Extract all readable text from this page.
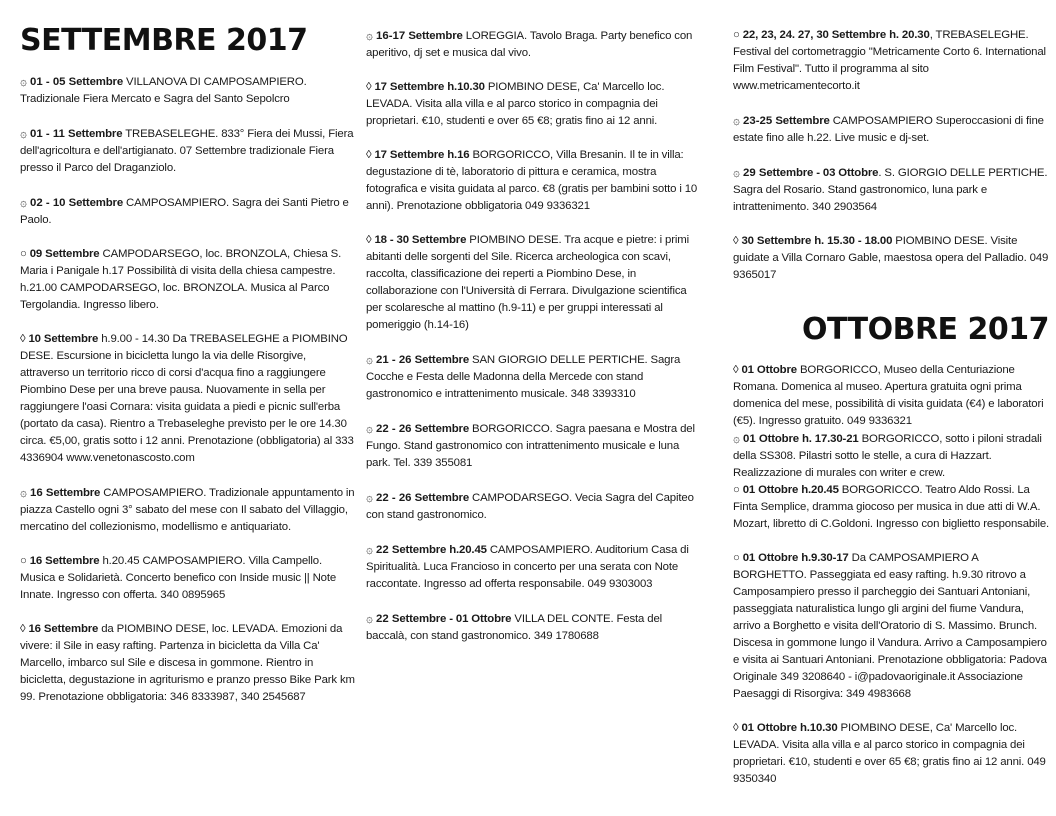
SETTEMBRE 2017
۞ 01 - 05 Settembre VILLANOVA DI CAMPOSAMPIERO. Tradizionale Fiera Mercato e Sagra del Santo Sepolcro
۞ 01 - 11 Settembre TREBASELEGHE. 833° Fiera dei Mussi, Fiera dell'agricoltura e dell'artigianato. 07 Settembre tradizionale Fiera presso il Parco del Draganziolo.
۞ 02 - 10 Settembre CAMPOSAMPIERO. Sagra dei Santi Pietro e Paolo.
○ 09 Settembre CAMPODARSEGO, loc. BRONZOLA, Chiesa S. Maria i Panigale h.17 Possibilità di visita della chiesa campestre. h.21.00 CAMPODARSEGO, loc. BRONZOLA. Musica al Parco Tergolandia. Ingresso libero.
◊ 10 Settembre h.9.00 - 14.30 Da TREBASELEGHE a PIOMBINO DESE. Escursione in bicicletta lungo la via delle Risorgive, attraverso un territorio ricco di corsi d'acqua fino a raggiungere Piombino Dese per una breve pausa. Nuovamente in sella per raggiungere l'oasi Cornara: visita guidata a piedi e picnic sull'erba (portato da casa). Rientro a Trebaseleghe previsto per le ore 14.30 circa. €5,00, gratis sotto i 12 anni. Prenotazione (obbligatoria) al 333 4336904 www.venetonascosto.com
۞ 16 Settembre CAMPOSAMPIERO. Tradizionale appuntamento in piazza Castello ogni 3° sabato del mese con Il sabato del Villaggio, mercatino del collezionismo, modellismo e antiquariato.
○ 16 Settembre h.20.45 CAMPOSAMPIERO. Villa Campello. Musica e Solidarietà. Concerto benefico con Inside music || Note Innate. Ingresso con offerta. 340 0895965
◊ 16 Settembre da PIOMBINO DESE, loc. LEVADA. Emozioni da vivere: il Sile in easy rafting. Partenza in bicicletta da Villa Ca' Marcello, imbarco sul Sile e discesa in gommone. Rientro in bicicletta, degustazione in agriturismo e pranzo presso Bike Park km 99. Prenotazione obbligatoria: 346 8333987, 340 2545687
۞ 16-17 Settembre LOREGGIA. Tavolo Braga. Party benefico con aperitivo, dj set e musica dal vivo.
◊ 17 Settembre h.10.30 PIOMBINO DESE, Ca' Marcello loc. LEVADA. Visita alla villa e al parco storico in compagnia dei proprietari. €10, studenti e over 65 €8; gratis fino ai 12 anni.
◊ 17 Settembre h.16 BORGORICCO, Villa Bresanin. Il te in villa: degustazione di tè, laboratorio di pittura e ceramica, mostra fotografica e visita guidata al parco. €8 (gratis per bambini sotto i 10 anni). Prenotazione obbligatoria 049 9336321
◊ 18 - 30 Settembre PIOMBINO DESE. Tra acque e pietre: i primi abitanti delle sorgenti del Sile. Ricerca archeologica con scavi, raccolta, classificazione dei reperti a Piombino Dese, in collaborazione con l'Università di Ferrara. Divulgazione scientifica per scolaresche al mattino (h.9-11) e per gruppi interessati al pomeriggio (h.14-16)
۞ 21 - 26 Settembre SAN GIORGIO DELLE PERTICHE. Sagra Cocche e Festa delle Madonna della Mercede con stand gastronomico e intrattenimento musicale. 348 3393310
۞ 22 - 26 Settembre BORGORICCO. Sagra paesana e Mostra del Fungo. Stand gastronomico con intrattenimento musicale e luna park. Tel. 339 355081
۞ 22 - 26 Settembre CAMPODARSEGO. Vecia Sagra del Capiteo con stand gastronomico.
۞ 22 Settembre h.20.45 CAMPOSAMPIERO. Auditorium Casa di Spiritualità. Luca Francioso in concerto per una serata con Note raccontate. Ingresso ad offerta responsabile. 049 9303003
۞ 22 Settembre - 01 Ottobre VILLA DEL CONTE. Festa del baccalà, con stand gastronomico. 349 1780688
○ 22, 23, 24. 27, 30 Settembre h. 20.30, TREBASELEGHE. Festival del cortometraggio "Metricamente Corto 6. International Film Festival". Tutto il programma al sito www.metricamentecorto.it
۞ 23-25 Settembre CAMPOSAMPIERO Superoccasioni di fine estate fino alle h.22. Live music e dj-set.
۞ 29 Settembre - 03 Ottobre. S. GIORGIO DELLE PERTICHE. Sagra del Rosario. Stand gastronomico, luna park e intrattenimento. 340 2903564
◊ 30 Settembre h. 15.30 - 18.00 PIOMBINO DESE. Visite guidate a Villa Cornaro Gable, maestosa opera del Palladio. 049 9365017
OTTOBRE 2017
◊ 01 Ottobre BORGORICCO, Museo della Centuriazione Romana. Domenica al museo. Apertura gratuita ogni prima domenica del mese, possibilità di visita guidata (€4) e laboratori (€5). Ingresso gratuito. 049 9336321
۞ 01 Ottobre h. 17.30-21 BORGORICCO, sotto i piloni stradali della SS308. Pilastri sotto le stelle, a cura di Hazzart. Realizzazione di murales con writer e crew.
○ 01 Ottobre h.20.45 BORGORICCO. Teatro Aldo Rossi. La Finta Semplice, dramma giocoso per musica in due atti di W.A. Mozart, libretto di C.Goldoni. Ingresso con biglietto responsabile.
○ 01 Ottobre h.9.30-17 Da CAMPOSAMPIERO A BORGHETTO. Passeggiata ed easy rafting. h.9.30 ritrovo a Camposampiero presso il parcheggio dei Santuari Antoniani, passeggiata naturalistica lungo gli argini del fiume Vandura, arrivo a Borghetto e visita dell'Oratorio di S. Massimo. Brunch. Discesa in gommone lungo il Vandura. Arrivo a Camposampiero e visita ai Santuari Antoniani. Prenotazione obbligatoria: Padova Originale 349 3208640 - i@padovaoriginale.it Associazione Paesaggi di Risorgiva: 349 4983668
◊ 01 Ottobre h.10.30 PIOMBINO DESE, Ca' Marcello loc. LEVADA. Visita alla villa e al parco storico in compagnia dei proprietari. €10, studenti e over 65 €8; gratis fino ai 12 anni. 049 9350340
